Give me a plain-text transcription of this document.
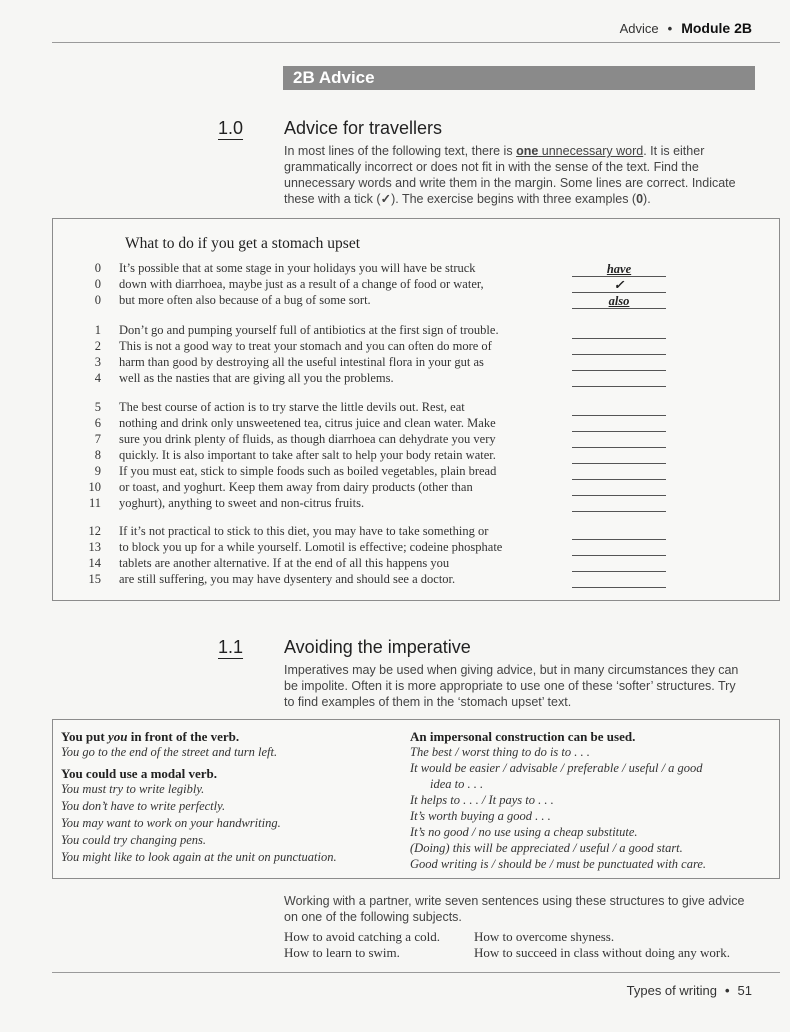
Advice • Module 2B
2B Advice
1.0 Advice for travellers
In most lines of the following text, there is one unnecessary word. It is either grammatically incorrect or does not fit in with the sense of the text. Find the unnecessary words and write them in the margin. Some lines are correct. Indicate these with a tick (✓). The exercise begins with three examples (0).
What to do if you get a stomach upset
0 It’s possible that at some stage in your holidays you will have be struck	have
0 down with diarrhoea, maybe just as a result of a change of food or water,	✓
0 but more often also because of a bug of some sort.	also
1 Don’t go and pumping yourself full of antibiotics at the first sign of trouble.
2 This is not a good way to treat your stomach and you can often do more of
3 harm than good by destroying all the useful intestinal flora in your gut as
4 well as the nasties that are giving all you the problems.
5 The best course of action is to try starve the little devils out. Rest, eat
6 nothing and drink only unsweetened tea, citrus juice and clean water. Make
7 sure you drink plenty of fluids, as though diarrhoea can dehydrate you very
8 quickly. It is also important to take after salt to help your body retain water.
9 If you must eat, stick to simple foods such as boiled vegetables, plain bread
10 or toast, and yoghurt. Keep them away from dairy products (other than
11 yoghurt), anything to sweet and non-citrus fruits.
12 If it’s not practical to stick to this diet, you may have to take something or
13 to block you up for a while yourself. Lomotil is effective; codeine phosphate
14 tablets are another alternative. If at the end of all this happens you
15 are still suffering, you may have dysentery and should see a doctor.
1.1 Avoiding the imperative
Imperatives may be used when giving advice, but in many circumstances they can be impolite. Often it is more appropriate to use one of these ‘softer’ structures. Try to find examples of them in the ‘stomach upset’ text.
You put you in front of the verb.
You go to the end of the street and turn left.
You could use a modal verb.
You must try to write legibly.
You don’t have to write perfectly.
You may want to work on your handwriting.
You could try changing pens.
You might like to look again at the unit on punctuation.
An impersonal construction can be used.
The best / worst thing to do is to . . .
It would be easier / advisable / preferable / useful / a good
idea to . . .
It helps to . . . / It pays to . . .
It’s worth buying a good . . .
It’s no good / no use using a cheap substitute.
(Doing) this will be appreciated / useful / a good start.
Good writing is / should be / must be punctuated with care.
Working with a partner, write seven sentences using these structures to give advice on one of the following subjects.
How to avoid catching a cold.	How to overcome shyness.
How to learn to swim.	How to succeed in class without doing any work.
Types of writing • 51
